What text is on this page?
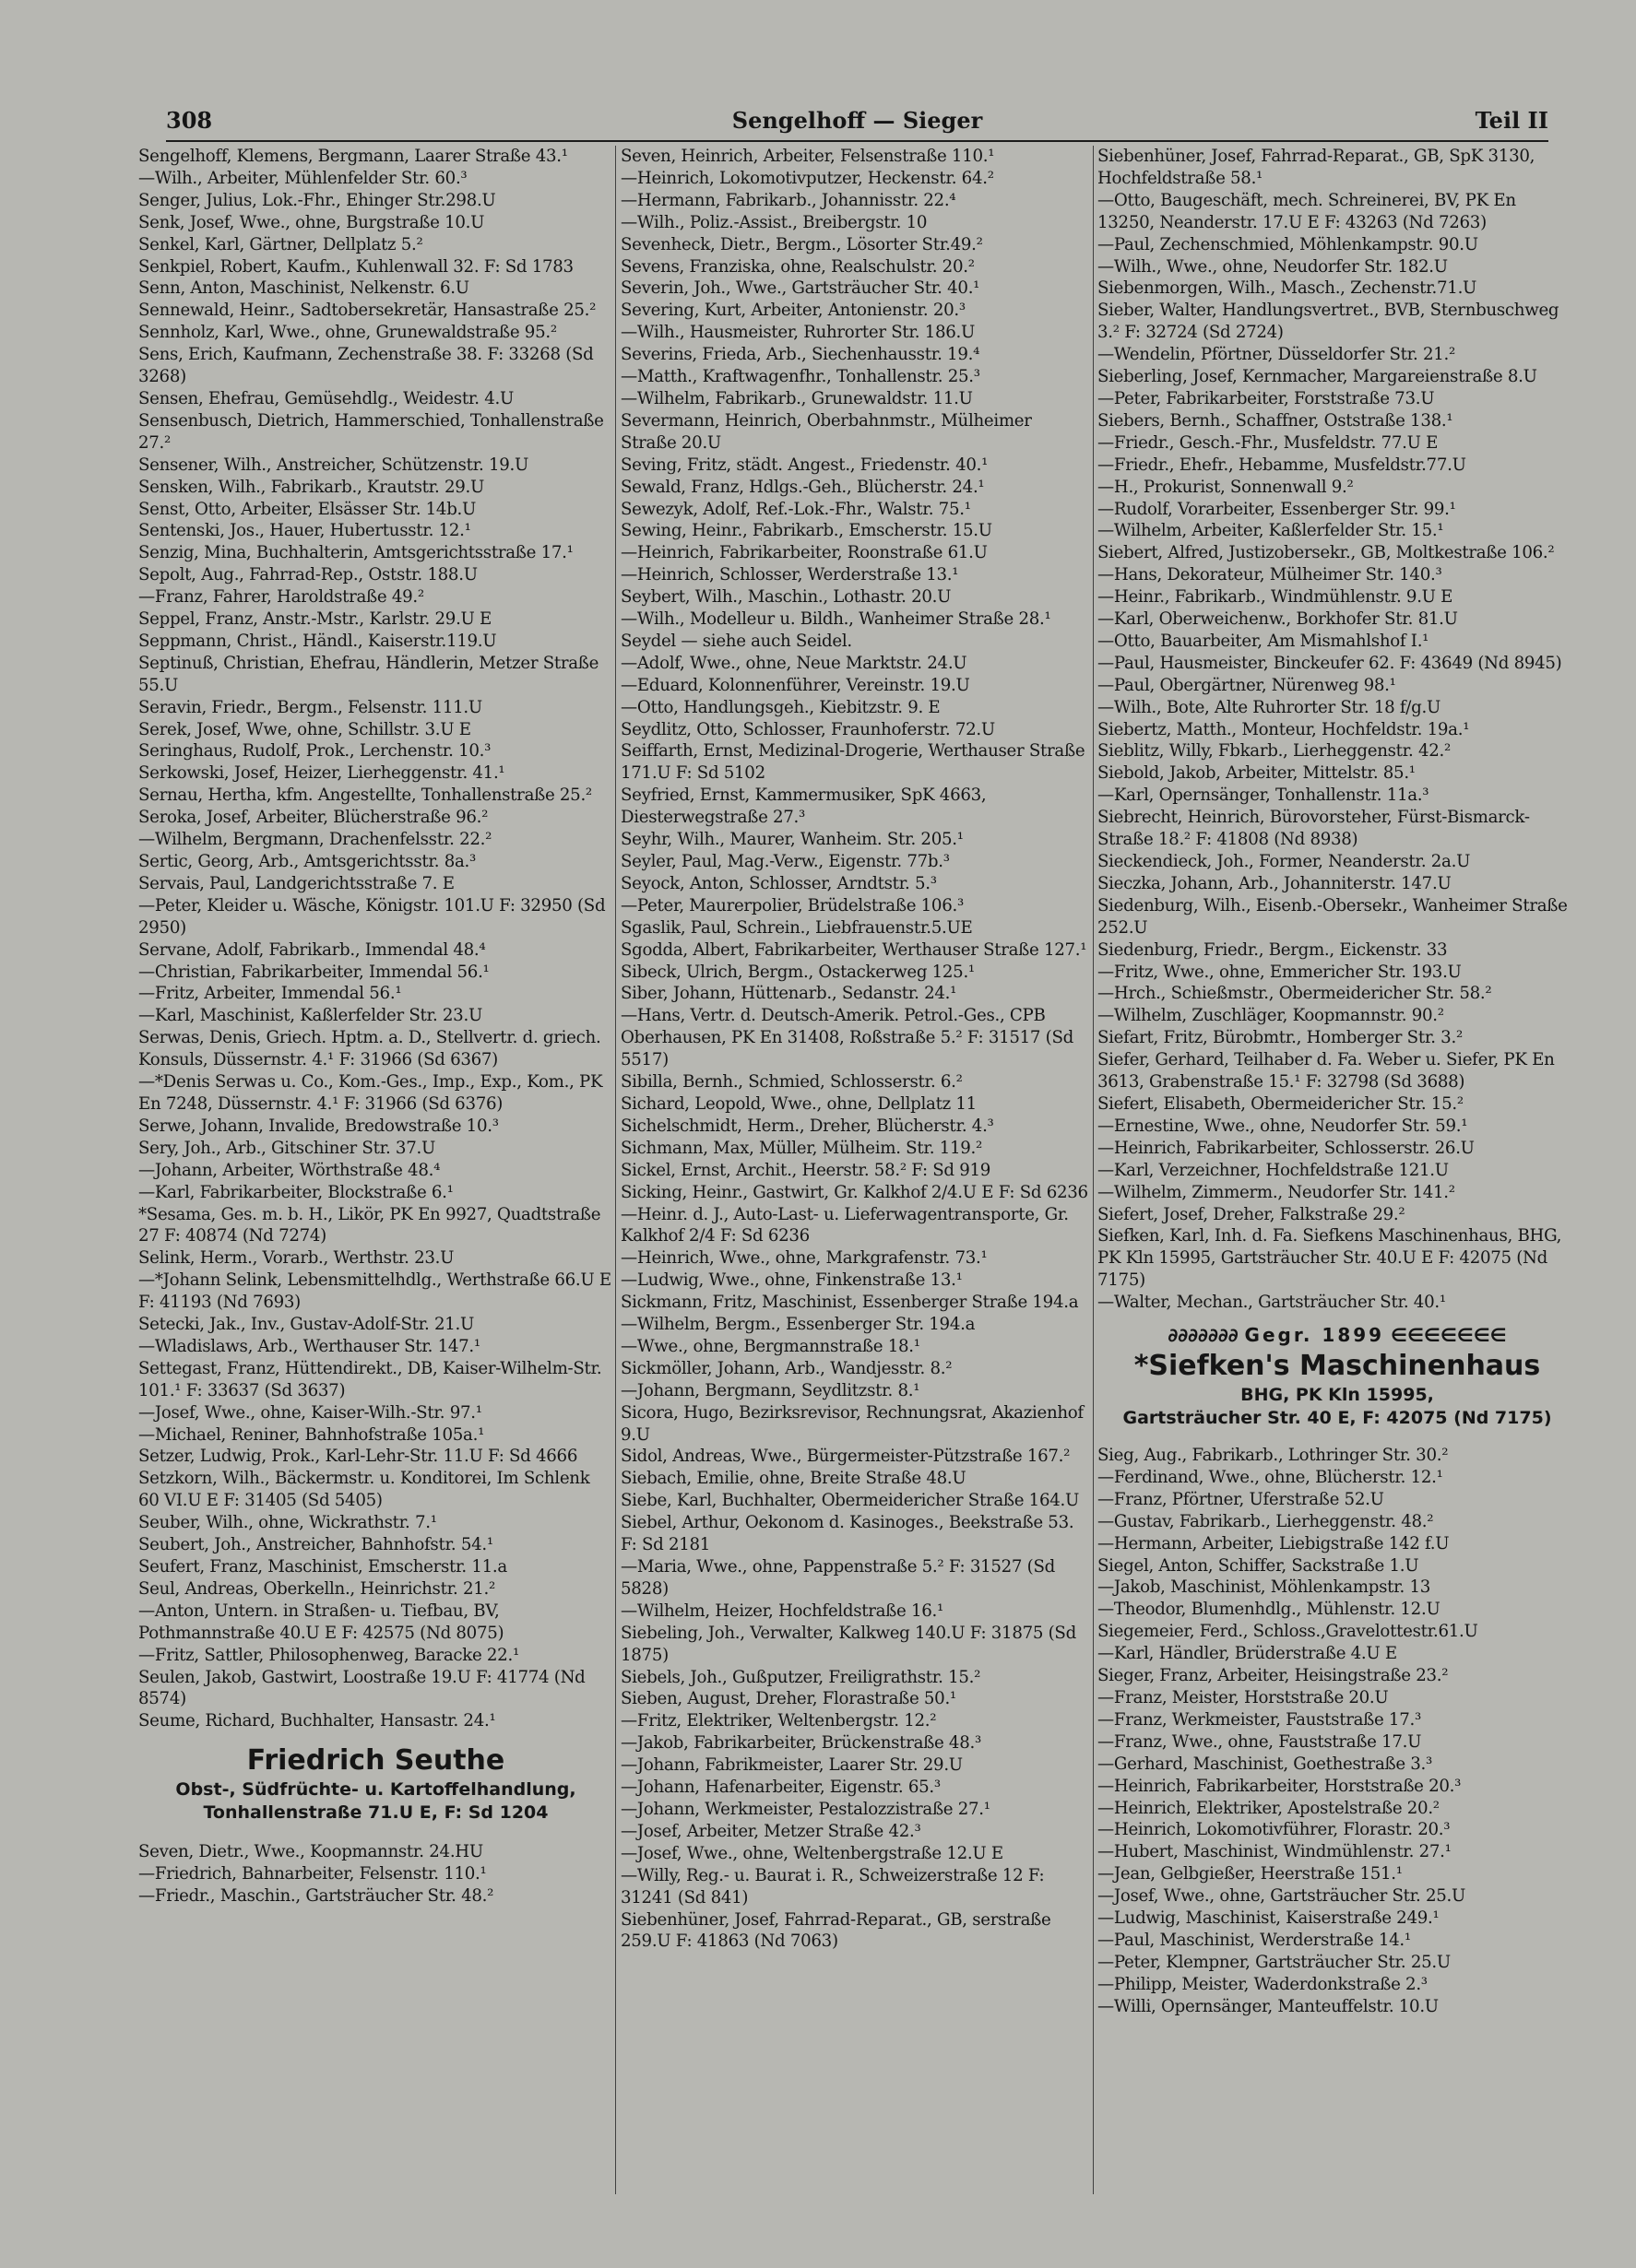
308	Sengelhoff — Sieger	Teil II
Sengelhoff, Klemens, Bergmann, Laarer Straße 43.¹
—Wilh., Arbeiter, Mühlenfelder Str. 60.³
Senger, Julius, Lok.-Fhr., Ehinger Str.298.U
Senk, Josef, Wwe., ohne, Burgstraße 10.U
Senkel, Karl, Gärtner, Dellplatz 5.²
Senkpiel, Robert, Kaufm., Kuhlenwall 32. F: Sd 1783
Senn, Anton, Maschinist, Nelkenstr. 6.U
Sennewald, Heinr., Sadtobersekretär, Hansastraße 25.²
Sennholz, Karl, Wwe., ohne, Grunewaldstraße 95.²
Sens, Erich, Kaufmann, Zechenstraße 38. F: 33268 (Sd 3268)
Sensen, Ehefrau, Gemüsehdlg., Weidestr. 4.U
Sensenbusch, Dietrich, Hammerschied, Tonhallenstraße 27.²
Sensener, Wilh., Anstreicher, Schützenstr. 19.U
Sensken, Wilh., Fabrikarb., Krautstr. 29.U
Senst, Otto, Arbeiter, Elsässer Str. 14b.U
Sentenski, Jos., Hauer, Hubertusstr. 12.¹
Senzig, Mina, Buchhalterin, Amtsgerichtsstraße 17.¹
Sepolt, Aug., Fahrrad-Rep., Oststr. 188.U
—Franz, Fahrer, Haroldstraße 49.²
Seppel, Franz, Anstr.-Mstr., Karlstr. 29.U E
Seppmann, Christ., Händl., Kaiserstr.119.U
Septinuß, Christian, Ehefrau, Händlerin, Metzer Straße 55.U
Seravin, Friedr., Bergm., Felsenstr. 111.U
Serek, Josef, Wwe, ohne, Schillstr. 3.U E
Seringhaus, Rudolf, Prok., Lerchenstr. 10.³
Serkowski, Josef, Heizer, Lierheggenstr. 41.¹
Sernau, Hertha, kfm. Angestellte, Tonhallenstraße 25.²
Seroka, Josef, Arbeiter, Blücherstraße 96.²
—Wilhelm, Bergmann, Drachenfelsstr. 22.²
Sertic, Georg, Arb., Amtsgerichtsstr. 8a.³
Servais, Paul, Landgerichtsstraße 7. E
—Peter, Kleider u. Wäsche, Königstr. 101.U F: 32950 (Sd 2950)
Servane, Adolf, Fabrikarb., Immendal 48.⁴
—Christian, Fabrikarbeiter, Immendal 56.¹
—Fritz, Arbeiter, Immendal 56.¹
—Karl, Maschinist, Kaßlerfelder Str. 23.U
Serwas, Denis, Griech. Hptm. a. D., Stellvertr. d. griech. Konsuls, Düssernstr. 4.¹ F: 31966 (Sd 6367)
—*Denis Serwas u. Co., Kom.-Ges., Imp., Exp., Kom., PK En 7248, Düssernstr. 4.¹ F: 31966 (Sd 6376)
Serwe, Johann, Invalide, Bredowstraße 10.³
Sery, Joh., Arb., Gitschiner Str. 37.U
—Johann, Arbeiter, Wörthstraße 48.⁴
—Karl, Fabrikarbeiter, Blockstraße 6.¹
*Sesama, Ges. m. b. H., Likör, PK En 9927, Quadtstraße 27 F: 40874 (Nd 7274)
Selink, Herm., Vorarb., Werthstr. 23.U
—*Johann Selink, Lebensmittelhdlg., Werthstraße 66.U E F: 41193 (Nd 7693)
Setecki, Jak., Inv., Gustav-Adolf-Str. 21.U
—Wladislaws, Arb., Werthauser Str. 147.¹
Settegast, Franz, Hüttendirekt., DB, Kaiser-Wilhelm-Str. 101.¹ F: 33637 (Sd 3637)
—Josef, Wwe., ohne, Kaiser-Wilh.-Str. 97.¹
—Michael, Reniner, Bahnhofstraße 105a.¹
Setzer, Ludwig, Prok., Karl-Lehr-Str. 11.U F: Sd 4666
Setzkorn, Wilh., Bäckermstr. u. Konditorei, Im Schlenk 60 VI.U E F: 31405 (Sd 5405)
Seuber, Wilh., ohne, Wickrathstr. 7.¹
Seubert, Joh., Anstreicher, Bahnhofstr. 54.¹
Seufert, Franz, Maschinist, Emscherstr. 11.a
Seul, Andreas, Oberkelln., Heinrichstr. 21.²
—Anton, Untern. in Straßen- u. Tiefbau, BV, Pothmannstraße 40.U E F: 42575 (Nd 8075)
—Fritz, Sattler, Philosophenweg, Baracke 22.¹
Seulen, Jakob, Gastwirt, Loostraße 19.U F: 41774 (Nd 8574)
Seume, Richard, Buchhalter, Hansastr. 24.¹
Friedrich Seuthe
Obst-, Südfrüchte- u. Kartoffelhandlung,
Tonhallenstraße 71.U E, F: Sd 1204
Seven, Dietr., Wwe., Koopmannstr. 24.HU
—Friedrich, Bahnarbeiter, Felsenstr. 110.¹
—Friedr., Maschin., Gartsträucher Str. 48.²
Seven, Heinrich, Arbeiter, Felsenstraße 110.¹
—Heinrich, Lokomotivputzer, Heckenstr. 64.²
—Hermann, Fabrikarb., Johannisstr. 22.⁴
—Wilh., Poliz.-Assist., Breibergstr. 10
Sevenheck, Dietr., Bergm., Lösorter Str.49.²
Sevens, Franziska, ohne, Realschulstr. 20.²
Severin, Joh., Wwe., Gartsträucher Str. 40.¹
Severing, Kurt, Arbeiter, Antonienstr. 20.³
—Wilh., Hausmeister, Ruhrorter Str. 186.U
Severins, Frieda, Arb., Siechenhausstr. 19.⁴
—Matth., Kraftwagenfhr., Tonhallenstr. 25.³
—Wilhelm, Fabrikarb., Grunewaldstr. 11.U
Severmann, Heinrich, Oberbahnmstr., Mülheimer Straße 20.U
Seving, Fritz, städt. Angest., Friedenstr. 40.¹
Sewald, Franz, Hdlgs.-Geh., Blücherstr. 24.¹
Sewezyk, Adolf, Ref.-Lok.-Fhr., Walstr. 75.¹
Sewing, Heinr., Fabrikarb., Emscherstr. 15.U
—Heinrich, Fabrikarbeiter, Roonstraße 61.U
—Heinrich, Schlosser, Werderstraße 13.¹
Seybert, Wilh., Maschin., Lothastr. 20.U
—Wilh., Modelleur u. Bildh., Wanheimer Straße 28.¹
Seydel — siehe auch Seidel.
—Adolf, Wwe., ohne, Neue Marktstr. 24.U
—Eduard, Kolonnenführer, Vereinstr. 19.U
—Otto, Handlungsgeh., Kiebitzstr. 9. E
Seydlitz, Otto, Schlosser, Fraunhoferstr. 72.U
Seiffarth, Ernst, Medizinal-Drogerie, Werthauser Straße 171.U F: Sd 5102
Seyfried, Ernst, Kammermusiker, SpK 4663, Diesterwegstraße 27.³
Seyhr, Wilh., Maurer, Wanheim. Str. 205.¹
Seyler, Paul, Mag.-Verw., Eigenstr. 77b.³
Seyock, Anton, Schlosser, Arndtstr. 5.³
—Peter, Maurerpolier, Brüdelstraße 106.³
Sgaslik, Paul, Schrein., Liebfrauenstr.5.UE
Sgodda, Albert, Fabrikarbeiter, Werthauser Straße 127.¹
Sibeck, Ulrich, Bergm., Ostackerweg 125.¹
Siber, Johann, Hüttenarb., Sedanstr. 24.¹
—Hans, Vertr. d. Deutsch-Amerik. Petrol.-Ges., CPB Oberhausen, PK En 31408, Roßstraße 5.² F: 31517 (Sd 5517)
Sibilla, Bernh., Schmied, Schlosserstr. 6.²
Sichard, Leopold, Wwe., ohne, Dellplatz 11
Sichelschmidt, Herm., Dreher, Blücherstr. 4.³
Sichmann, Max, Müller, Mülheim. Str. 119.²
Sickel, Ernst, Archit., Heerstr. 58.² F: Sd 919
Sicking, Heinr., Gastwirt, Gr. Kalkhof 2/4.U E F: Sd 6236
—Heinr. d. J., Auto-Last- u. Lieferwagentransporte, Gr. Kalkhof 2/4 F: Sd 6236
—Heinrich, Wwe., ohne, Markgrafenstr. 73.¹
—Ludwig, Wwe., ohne, Finkenstraße 13.¹
Sickmann, Fritz, Maschinist, Essenberger Straße 194.a
—Wilhelm, Bergm., Essenberger Str. 194.a
—Wwe., ohne, Bergmannstraße 18.¹
Sickmöller, Johann, Arb., Wandjesstr. 8.²
—Johann, Bergmann, Seydlitzstr. 8.¹
Sicora, Hugo, Bezirksrevisor, Rechnungsrat, Akazienhof 9.U
Sidol, Andreas, Wwe., Bürgermeister-Pützstraße 167.²
Siebach, Emilie, ohne, Breite Straße 48.U
Siebe, Karl, Buchhalter, Obermeidericher Straße 164.U
Siebel, Arthur, Oekonom d. Kasinoges., Beekstraße 53. F: Sd 2181
—Maria, Wwe., ohne, Pappenstraße 5.² F: 31527 (Sd 5828)
—Wilhelm, Heizer, Hochfeldstraße 16.¹
Siebeling, Joh., Verwalter, Kalkweg 140.U F: 31875 (Sd 1875)
Siebels, Joh., Gußputzer, Freiligrathstr. 15.²
Sieben, August, Dreher, Florastraße 50.¹
—Fritz, Elektriker, Weltenbergstr. 12.²
—Jakob, Fabrikarbeiter, Brückenstraße 48.³
—Johann, Fabrikmeister, Laarer Str. 29.U
—Johann, Hafenarbeiter, Eigenstr. 65.³
—Johann, Werkmeister, Pestalozzistraße 27.¹
—Josef, Arbeiter, Metzer Straße 42.³
—Josef, Wwe., ohne, Weltenbergstraße 12.U E
—Willy, Reg.- u. Baurat i. R., Schweizerstraße 12 F: 31241 (Sd 841)
Siebenhüner, Josef, Fahrrad-Reparat., GB, serstraße 259.U F: 41863 (Nd 7063)
Siebenhüner, Josef, Fahrrad-Reparat., GB, SpK 3130, Hochfeldstraße 58.¹
—Otto, Baugeschäft, mech. Schreinerei, BV, PK En 13250, Neanderstr. 17.U E F: 43263 (Nd 7263)
—Paul, Zechenschmied, Möhlenkampstr. 90.U
—Wilh., Wwe., ohne, Neudorfer Str. 182.U
Siebenmorgen, Wilh., Masch., Zechenstr.71.U
Sieber, Walter, Handlungsvertret., BVB, Sternbuschweg 3.² F: 32724 (Sd 2724)
—Wendelin, Pförtner, Düsseldorfer Str. 21.²
Sieberling, Josef, Kernmacher, Margareienstraße 8.U
—Peter, Fabrikarbeiter, Forststraße 73.U
Siebers, Bernh., Schaffner, Oststraße 138.¹
—Friedr., Gesch.-Fhr., Musfeldstr. 77.U E
—Friedr., Ehefr., Hebamme, Musfeldstr.77.U
—H., Prokurist, Sonnenwall 9.²
—Rudolf, Vorarbeiter, Essenberger Str. 99.¹
—Wilhelm, Arbeiter, Kaßlerfelder Str. 15.¹
Siebert, Alfred, Justizobersekr., GB, Moltkestraße 106.²
—Hans, Dekorateur, Mülheimer Str. 140.³
—Heinr., Fabrikarb., Windmühlenstr. 9.U E
—Karl, Oberweichenw., Borkhofer Str. 81.U
—Otto, Bauarbeiter, Am Mismahlshof I.¹
—Paul, Hausmeister, Binckeufer 62. F: 43649 (Nd 8945)
—Paul, Obergärtner, Nürenweg 98.¹
—Wilh., Bote, Alte Ruhrorter Str. 18 f/g.U
Siebertz, Matth., Monteur, Hochfeldstr. 19a.¹
Sieblitz, Willy, Fbkarb., Lierheggenstr. 42.²
Siebold, Jakob, Arbeiter, Mittelstr. 85.¹
—Karl, Opernsänger, Tonhallenstr. 11a.³
Siebrecht, Heinrich, Bürovorsteher, Fürst-Bismarck-Straße 18.² F: 41808 (Nd 8938)
Sieckendieck, Joh., Former, Neanderstr. 2a.U
Sieczka, Johann, Arb., Johanniterstr. 147.U
Siedenburg, Wilh., Eisenb.-Obersekr., Wanheimer Straße 252.U
Siedenburg, Friedr., Bergm., Eickenstr. 33
—Fritz, Wwe., ohne, Emmericher Str. 193.U
—Hrch., Schießmstr., Obermeidericher Str. 58.²
—Wilhelm, Zuschläger, Koopmannstr. 90.²
Siefart, Fritz, Bürobmtr., Homberger Str. 3.²
Siefer, Gerhard, Teilhaber d. Fa. Weber u. Siefer, PK En 3613, Grabenstraße 15.¹ F: 32798 (Sd 3688)
Siefert, Elisabeth, Obermeidericher Str. 15.²
—Ernestine, Wwe., ohne, Neudorfer Str. 59.¹
—Heinrich, Fabrikarbeiter, Schlosserstr. 26.U
—Karl, Verzeichner, Hochfeldstraße 121.U
—Wilhelm, Zimmerm., Neudorfer Str. 141.²
Siefert, Josef, Dreher, Falkstraße 29.²
Siefken, Karl, Inh. d. Fa. Siefkens Maschinenhaus, BHG, PK Kln 15995, Gartsträucher Str. 40.U E F: 42075 (Nd 7175)
—Walter, Mechan., Gartsträucher Str. 40.¹
∂∂∂∂∂∂∂ Gegr. 1899 ∈∈∈∈∈∈∈
*Siefken's Maschinenhaus
BHG, PK Kln 15995,
Gartsträucher Str. 40 E, F: 42075 (Nd 7175)
Sieg, Aug., Fabrikarb., Lothringer Str. 30.²
—Ferdinand, Wwe., ohne, Blücherstr. 12.¹
—Franz, Pförtner, Uferstraße 52.U
—Gustav, Fabrikarb., Lierheggenstr. 48.²
—Hermann, Arbeiter, Liebigstraße 142 f.U
Siegel, Anton, Schiffer, Sackstraße 1.U
—Jakob, Maschinist, Möhlenkampstr. 13
—Theodor, Blumenhdlg., Mühlenstr. 12.U
Siegemeier, Ferd., Schloss.,Gravelottestr.61.U
—Karl, Händler, Brüderstraße 4.U E
Sieger, Franz, Arbeiter, Heisingstraße 23.²
—Franz, Meister, Horststraße 20.U
—Franz, Werkmeister, Fauststraße 17.³
—Franz, Wwe., ohne, Fauststraße 17.U
—Gerhard, Maschinist, Goethestraße 3.³
—Heinrich, Fabrikarbeiter, Horststraße 20.³
—Heinrich, Elektriker, Apostelstraße 20.²
—Heinrich, Lokomotivführer, Florastr. 20.³
—Hubert, Maschinist, Windmühlenstr. 27.¹
—Jean, Gelbgießer, Heerstraße 151.¹
—Josef, Wwe., ohne, Gartsträucher Str. 25.U
—Ludwig, Maschinist, Kaiserstraße 249.¹
—Paul, Maschinist, Werderstraße 14.¹
—Peter, Klempner, Gartsträucher Str. 25.U
—Philipp, Meister, Waderdonkstraße 2.³
—Willi, Opernsänger, Manteuffelstr. 10.U
